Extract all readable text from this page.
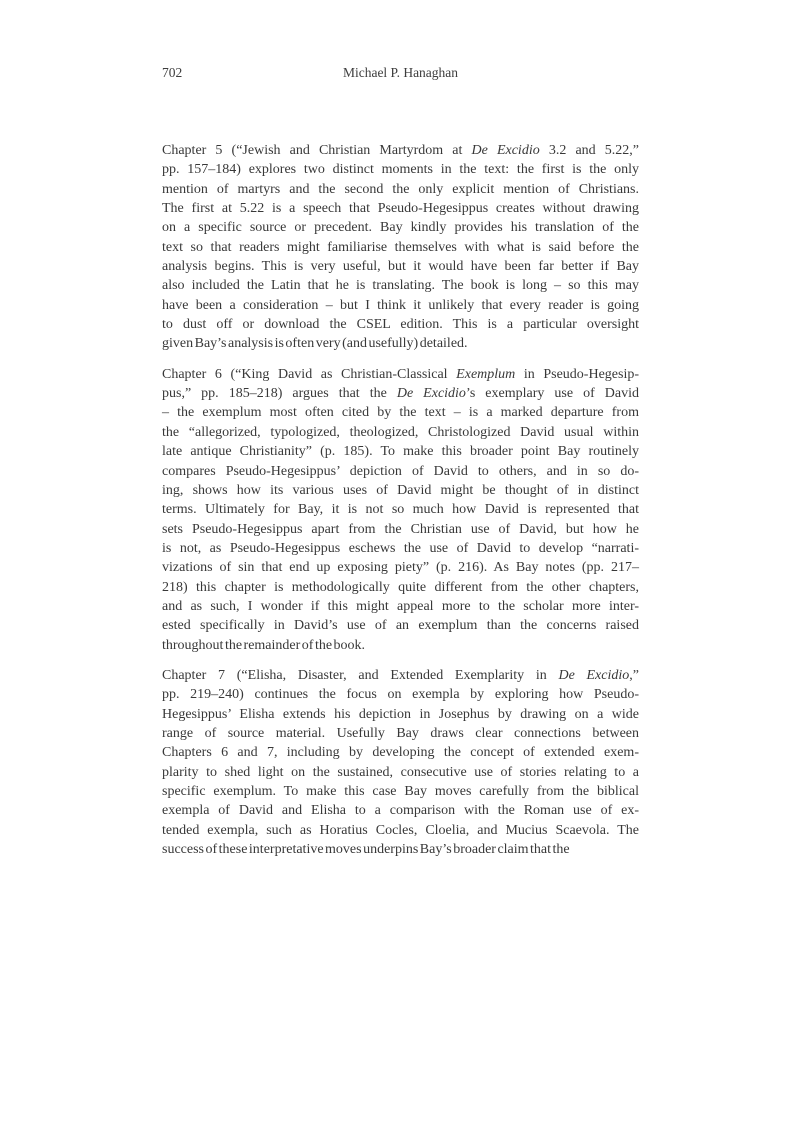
702	Michael P. Hanaghan
Chapter 5 (“Jewish and Christian Martyrdom at De Excidio 3.2 and 5.22,”
pp. 157–184) explores two distinct moments in the text: the first is the only
mention of martyrs and the second the only explicit mention of Christians.
The first at 5.22 is a speech that Pseudo-Hegesippus creates without drawing
on a specific source or precedent. Bay kindly provides his translation of the
text so that readers might familiarise themselves with what is said before the
analysis begins. This is very useful, but it would have been far better if Bay
also included the Latin that he is translating. The book is long – so this may
have been a consideration – but I think it unlikely that every reader is going
to dust off or download the CSEL edition. This is a particular oversight
given Bay’s analysis is often very (and usefully) detailed.
Chapter 6 (“King David as Christian-Classical Exemplum in Pseudo-Hegesip-
pus,” pp. 185–218) argues that the De Excidio’s exemplary use of David
– the exemplum most often cited by the text – is a marked departure from
the “allegorized, typologized, theologized, Christologized David usual within
late antique Christianity” (p. 185). To make this broader point Bay routinely
compares Pseudo-Hegesippus’ depiction of David to others, and in so do-
ing, shows how its various uses of David might be thought of in distinct
terms. Ultimately for Bay, it is not so much how David is represented that
sets Pseudo-Hegesippus apart from the Christian use of David, but how he
is not, as Pseudo-Hegesippus eschews the use of David to develop “narrati-
vizations of sin that end up exposing piety” (p. 216). As Bay notes (pp. 217–
218) this chapter is methodologically quite different from the other chapters,
and as such, I wonder if this might appeal more to the scholar more inter-
ested specifically in David’s use of an exemplum than the concerns raised
throughout the remainder of the book.
Chapter 7 (“Elisha, Disaster, and Extended Exemplarity in De Excidio,”
pp. 219–240) continues the focus on exempla by exploring how Pseudo-
Hegesippus’ Elisha extends his depiction in Josephus by drawing on a wide
range of source material. Usefully Bay draws clear connections between
Chapters 6 and 7, including by developing the concept of extended exem-
plarity to shed light on the sustained, consecutive use of stories relating to a
specific exemplum. To make this case Bay moves carefully from the biblical
exempla of David and Elisha to a comparison with the Roman use of ex-
tended exempla, such as Horatius Cocles, Cloelia, and Mucius Scaevola. The
success of these interpretative moves underpins Bay’s broader claim that the
